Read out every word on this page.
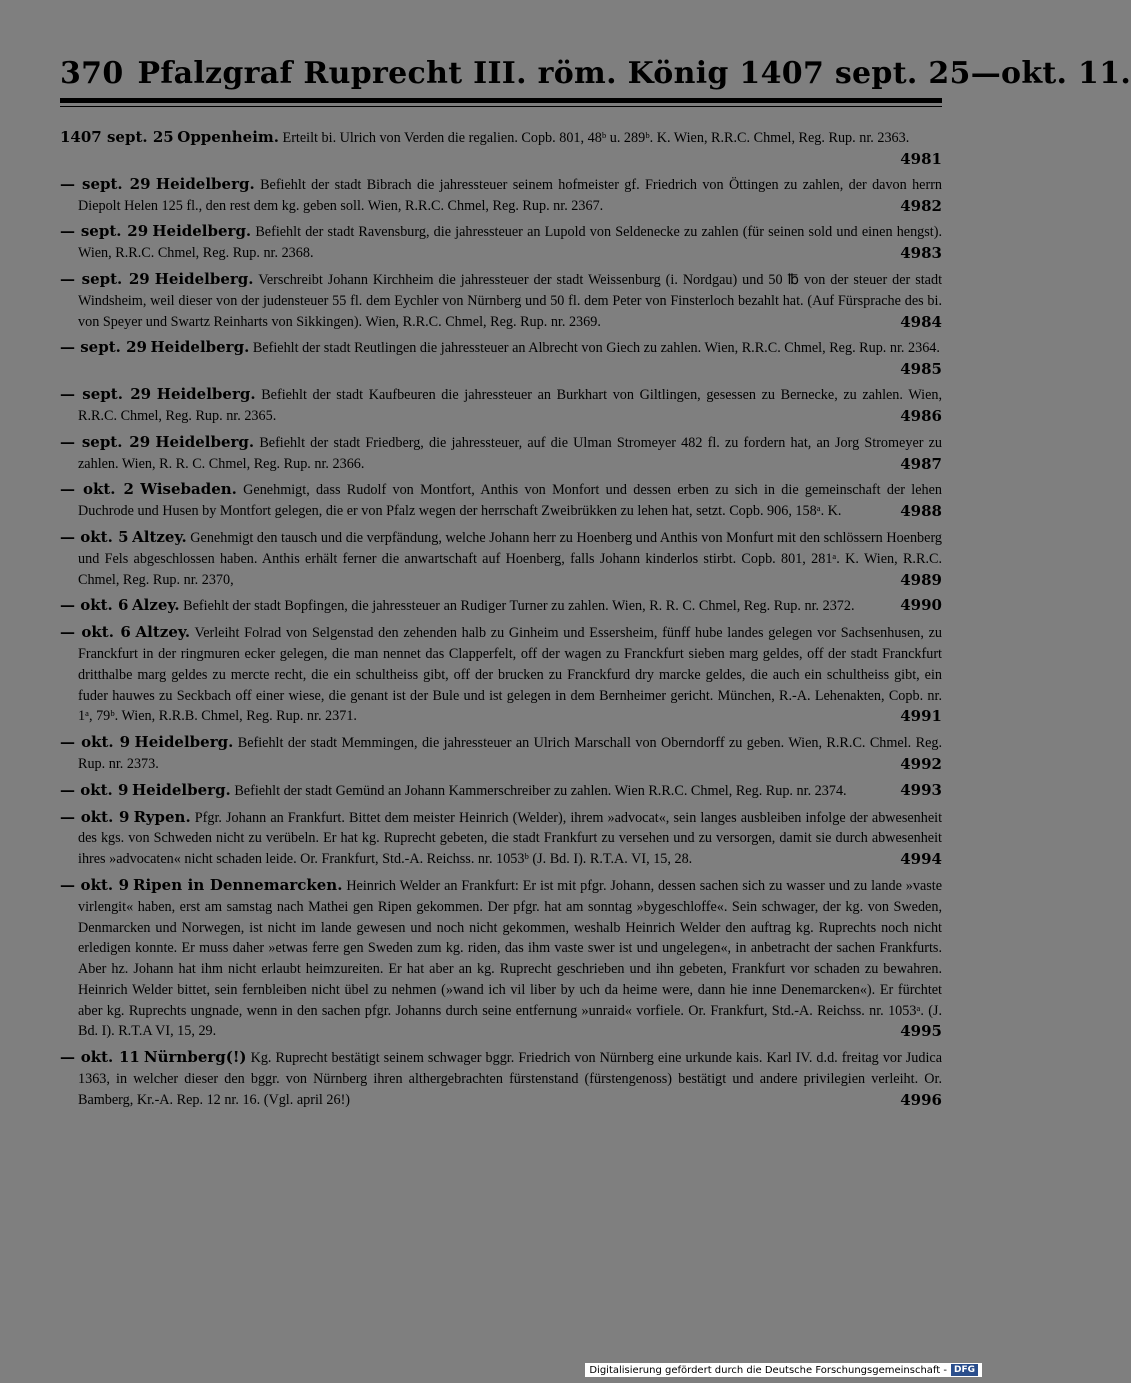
370 Pfalzgraf Ruprecht III. röm. König 1407 sept. 25—okt. 11.
1407 sept. 25 Oppenheim. Erteilt bi. Ulrich von Verden die regalien. Copb. 801, 48ᵇ u. 289ᵇ. K. Wien, R.R.C. Chmel, Reg. Rup. nr. 2363.
4981
— sept. 29 Heidelberg. Befiehlt der stadt Bibrach die jahressteuer seinem hofmeister gf. Friedrich von Öttingen zu zahlen, der davon herrn Diepolt Helen 125 fl., den rest dem kg. geben soll. Wien, R.R.C. Chmel, Reg. Rup. nr. 2367.	4982
— sept. 29 Heidelberg. Befiehlt der stadt Ravensburg, die jahressteuer an Lupold von Seldenecke zu zahlen (für seinen sold und einen hengst). Wien, R.R.C. Chmel, Reg. Rup. nr. 2368.	4983
— sept. 29 Heidelberg. Verschreibt Johann Kirchheim die jahressteuer der stadt Weissenburg (i. Nordgau) und 50 ℔ von der steuer der stadt Windsheim, weil dieser von der judensteuer 55 fl. dem Eychler von Nürnberg und 50 fl. dem Peter von Finsterloch bezahlt hat. (Auf Fürsprache des bi. von Speyer und Swartz Reinharts von Sikkingen). Wien, R.R.C. Chmel, Reg. Rup. nr. 2369.	4984
— sept. 29 Heidelberg. Befiehlt der stadt Reutlingen die jahressteuer an Albrecht von Giech zu zahlen. Wien, R.R.C. Chmel, Reg. Rup. nr. 2364.
4985
— sept. 29 Heidelberg. Befiehlt der stadt Kaufbeuren die jahressteuer an Burkhart von Giltlingen, gesessen zu Bernecke, zu zahlen. Wien, R.R.C. Chmel, Reg. Rup. nr. 2365.	4986
— sept. 29 Heidelberg. Befiehlt der stadt Friedberg, die jahressteuer, auf die Ulman Stromeyer 482 fl. zu fordern hat, an Jorg Stromeyer zu zahlen. Wien, R. R. C. Chmel, Reg. Rup. nr. 2366.	4987
— okt. 2 Wisebaden. Genehmigt, dass Rudolf von Montfort, Anthis von Monfort und dessen erben zu sich in die gemeinschaft der lehen Duchrode und Husen by Montfort gelegen, die er von Pfalz wegen der herrschaft Zweibrükken zu lehen hat, setzt. Copb. 906, 158ᵃ. K.	4988
— okt. 5 Altzey. Genehmigt den tausch und die verpfändung, welche Johann herr zu Hoenberg und Anthis von Monfurt mit den schlössern Hoenberg und Fels abgeschlossen haben. Anthis erhält ferner die anwartschaft auf Hoenberg, falls Johann kinderlos stirbt. Copb. 801, 281ᵃ. K. Wien, R.R.C. Chmel, Reg. Rup. nr. 2370,	4989
— okt. 6 Alzey. Befiehlt der stadt Bopfingen, die jahressteuer an Rudiger Turner zu zahlen. Wien, R. R. C. Chmel, Reg. Rup. nr. 2372.	4990
— okt. 6 Altzey. Verleiht Folrad von Selgenstad den zehenden halb zu Ginheim und Essersheim, fünff hube landes gelegen vor Sachsenhusen, zu Franckfurt in der ringmuren ecker gelegen, die man nennet das Clapperfelt, off der wagen zu Franckfurt sieben marg geldes, off der stadt Franckfurt dritthalbe marg geldes zu mercte recht, die ein schultheiss gibt, off der brucken zu Franckfurd dry marcke geldes, die auch ein schultheiss gibt, ein fuder hauwes zu Seckbach off einer wiese, die genant ist der Bule und ist gelegen in dem Bernheimer gericht. München, R.-A. Lehenakten, Copb. nr. 1ᵃ, 79ᵇ. Wien, R.R.B. Chmel, Reg. Rup. nr. 2371.	4991
— okt. 9 Heidelberg. Befiehlt der stadt Memmingen, die jahressteuer an Ulrich Marschall von Oberndorff zu geben. Wien, R.R.C. Chmel. Reg. Rup. nr. 2373.	4992
— okt. 9 Heidelberg. Befiehlt der stadt Gemünd an Johann Kammerschreiber zu zahlen. Wien R.R.C. Chmel, Reg. Rup. nr. 2374.	4993
— okt. 9 Rypen. Pfgr. Johann an Frankfurt. Bittet dem meister Heinrich (Welder), ihrem »advocat«, sein langes ausbleiben infolge der abwesenheit des kgs. von Schweden nicht zu verübeln. Er hat kg. Ruprecht gebeten, die stadt Frankfurt zu versehen und zu versorgen, damit sie durch abwesenheit ihres »advocaten« nicht schaden leide. Or. Frankfurt, Std.-A. Reichss. nr. 1053ᵇ (J. Bd. I). R.T.A. VI, 15, 28.	4994
— okt. 9 Ripen in Dennemarcken. Heinrich Welder an Frankfurt: Er ist mit pfgr. Johann, dessen sachen sich zu wasser und zu lande »vaste virlengit« haben, erst am samstag nach Mathei gen Ripen gekommen. Der pfgr. hat am sonntag »bygeschloffe«. Sein schwager, der kg. von Sweden, Denmarcken und Norwegen, ist nicht im lande gewesen und noch nicht gekommen, weshalb Heinrich Welder den auftrag kg. Ruprechts noch nicht erledigen konnte. Er muss daher »etwas ferre gen Sweden zum kg. riden, das ihm vaste swer ist und ungelegen«, in anbetracht der sachen Frankfurts. Aber hz. Johann hat ihm nicht erlaubt heimzureiten. Er hat aber an kg. Ruprecht geschrieben und ihn gebeten, Frankfurt vor schaden zu bewahren. Heinrich Welder bittet, sein fernbleiben nicht übel zu nehmen (»wand ich vil liber by uch da heime were, dann hie inne Denemarcken«). Er fürchtet aber kg. Ruprechts ungnade, wenn in den sachen pfgr. Johanns durch seine entfernung »unraid« vorfiele. Or. Frankfurt, Std.-A. Reichss. nr. 1053ᵃ. (J. Bd. I). R.T.A VI, 15, 29.	4995
— okt. 11 Nürnberg(!) Kg. Ruprecht bestätigt seinem schwager bggr. Friedrich von Nürnberg eine urkunde kais. Karl IV. d.d. freitag vor Judica 1363, in welcher dieser den bggr. von Nürnberg ihren althergebrachten fürstenstand (fürstengenoss) bestätigt und andere privilegien verleiht. Or. Bamberg, Kr.-A. Rep. 12 nr. 16. (Vgl. april 26!)	4996
Digitalisierung gefördert durch die Deutsche Forschungsgemeinschaft - DFG
